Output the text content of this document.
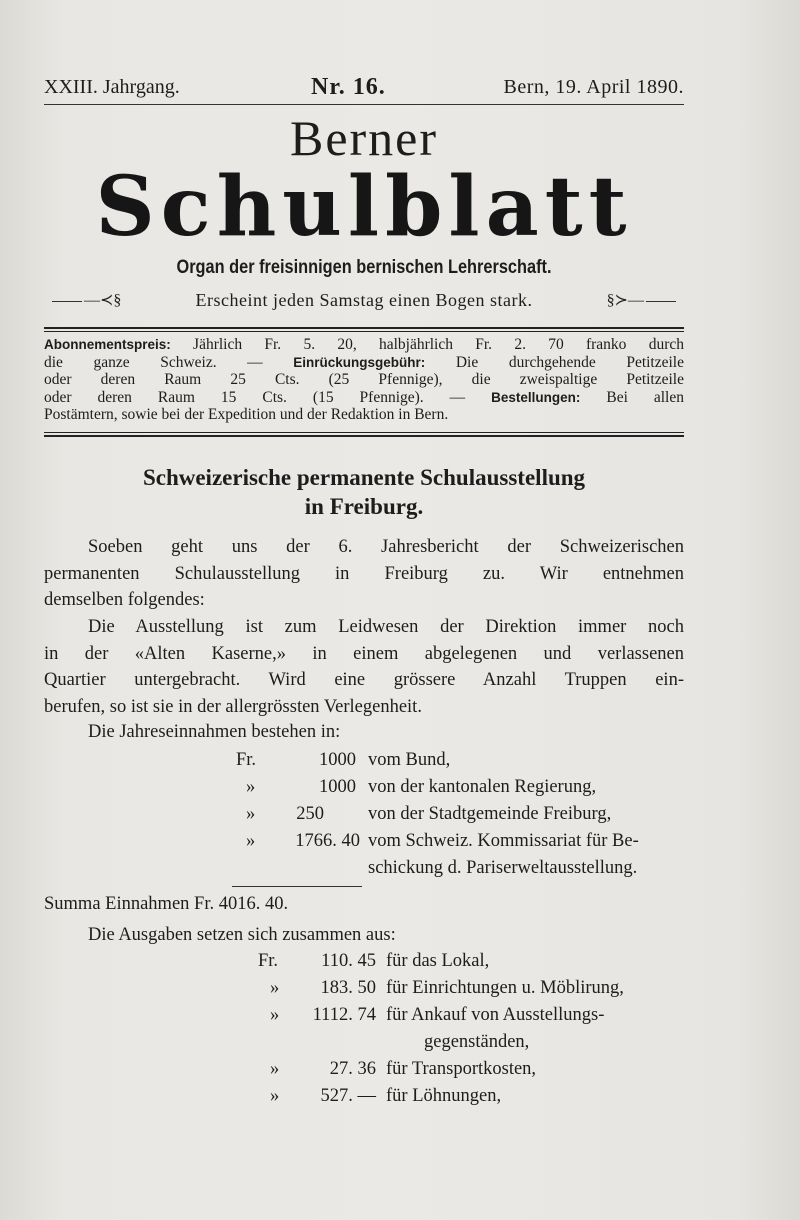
XXIII. Jahrgang.	Nr. 16.	Bern, 19. April 1890.
Berner
Schulblatt
Organ der freisinnigen bernischen Lehrerschaft.
—≺§	Erscheint jeden Samstag einen Bogen stark.	§≻—
Abonnementspreis: Jährlich Fr. 5. 20, halbjährlich Fr. 2. 70 franko durch
die ganze Schweiz. — Einrückungsgebühr: Die durchgehende Petitzeile
oder deren Raum 25 Cts. (25 Pfennige), die zweispaltige Petitzeile
oder deren Raum 15 Cts. (15 Pfennige). — Bestellungen: Bei allen
Postämtern, sowie bei der Expedition und der Redaktion in Bern.
Schweizerische permanente Schulausstellung
in Freiburg.
Soeben geht uns der 6. Jahresbericht der Schweizerischen
permanenten Schulausstellung in Freiburg zu. Wir entnehmen
demselben folgendes:
Die Ausstellung ist zum Leidwesen der Direktion immer noch
in der «Alten Kaserne,» in einem abgelegenen und verlassenen
Quartier untergebracht. Wird eine grössere Anzahl Truppen ein-
berufen, so ist sie in der allergrössten Verlegenheit.
Die Jahreseinnahmen bestehen in:
Fr.	1000 vom Bund,
»	1000 von der kantonalen Regierung,
»	250 von der Stadtgemeinde Freiburg,
»	1766. 40 vom Schweiz. Kommissariat für Be-
schickung d. Pariserweltausstellung.
Summa Einnahmen Fr. 4016. 40.
Die Ausgaben setzen sich zusammen aus:
Fr.	110. 45 für das Lokal,
»	183. 50 für Einrichtungen u. Möblirung,
»	1112. 74 für Ankauf von Ausstellungs-
gegenständen,
»	27. 36 für Transportkosten,
»	527. — für Löhnungen,
